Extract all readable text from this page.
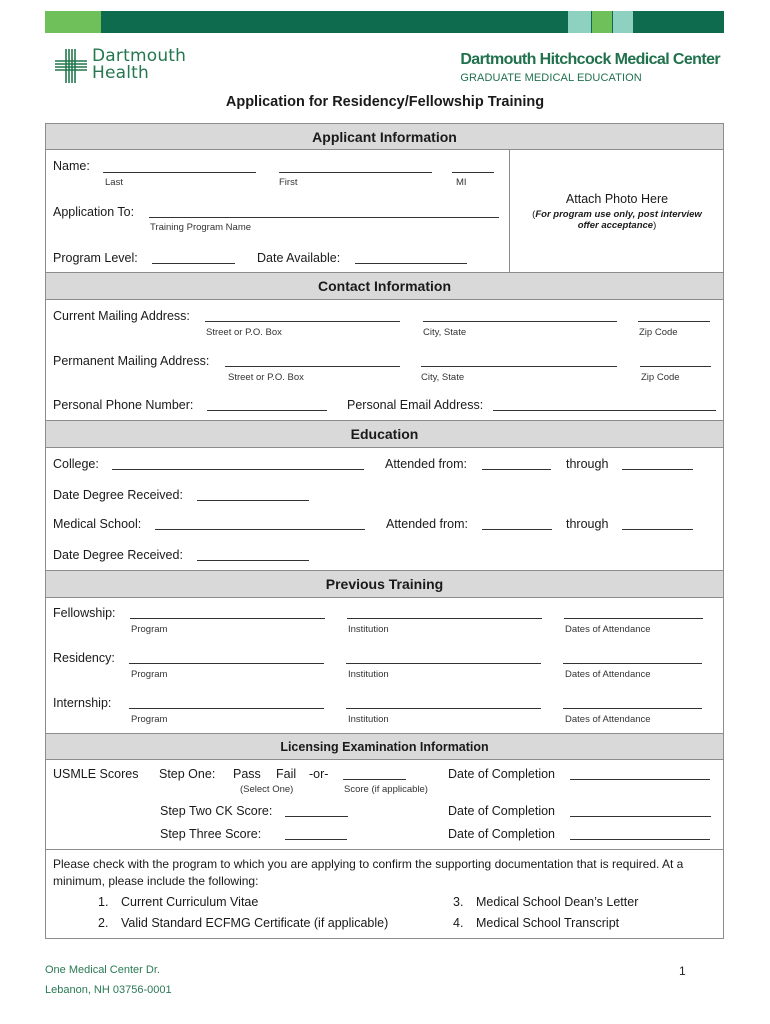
Dartmouth
Health
Dartmouth Hitchcock Medical Center
GRADUATE MEDICAL EDUCATION
Application for Residency/Fellowship Training
Applicant Information
Name:
Last	First	MI
Application To:
Training Program Name
Program Level:	Date Available:
Attach Photo Here
(For program use only, post interview
offer acceptance)
Contact Information
Current Mailing Address:
Street or P.O. Box	City, State	Zip Code
Permanent Mailing Address:
Street or P.O. Box	City, State	Zip Code
Personal Phone Number:	Personal Email Address:
Education
College:	Attended from:	through
Date Degree Received:
Medical School:	Attended from:	through
Date Degree Received:
Previous Training
Fellowship:
Program	Institution	Dates of Attendance
Residency:
Program	Institution	Dates of Attendance
Internship:
Program	Institution	Dates of Attendance
Licensing Examination Information
USMLE Scores Step One: Pass Fail -or-
(Select One)	Score (if applicable)
Date of Completion
Step Two CK Score:	Date of Completion
Step Three Score:	Date of Completion
Please check with the program to which you are applying to confirm the supporting documentation that is required. At a
minimum, please include the following:
1. Current Curriculum Vitae
2. Valid Standard ECFMG Certificate (if applicable)
3. Medical School Dean’s Letter
4. Medical School Transcript
One Medical Center Dr.
Lebanon, NH 03756-0001
1
